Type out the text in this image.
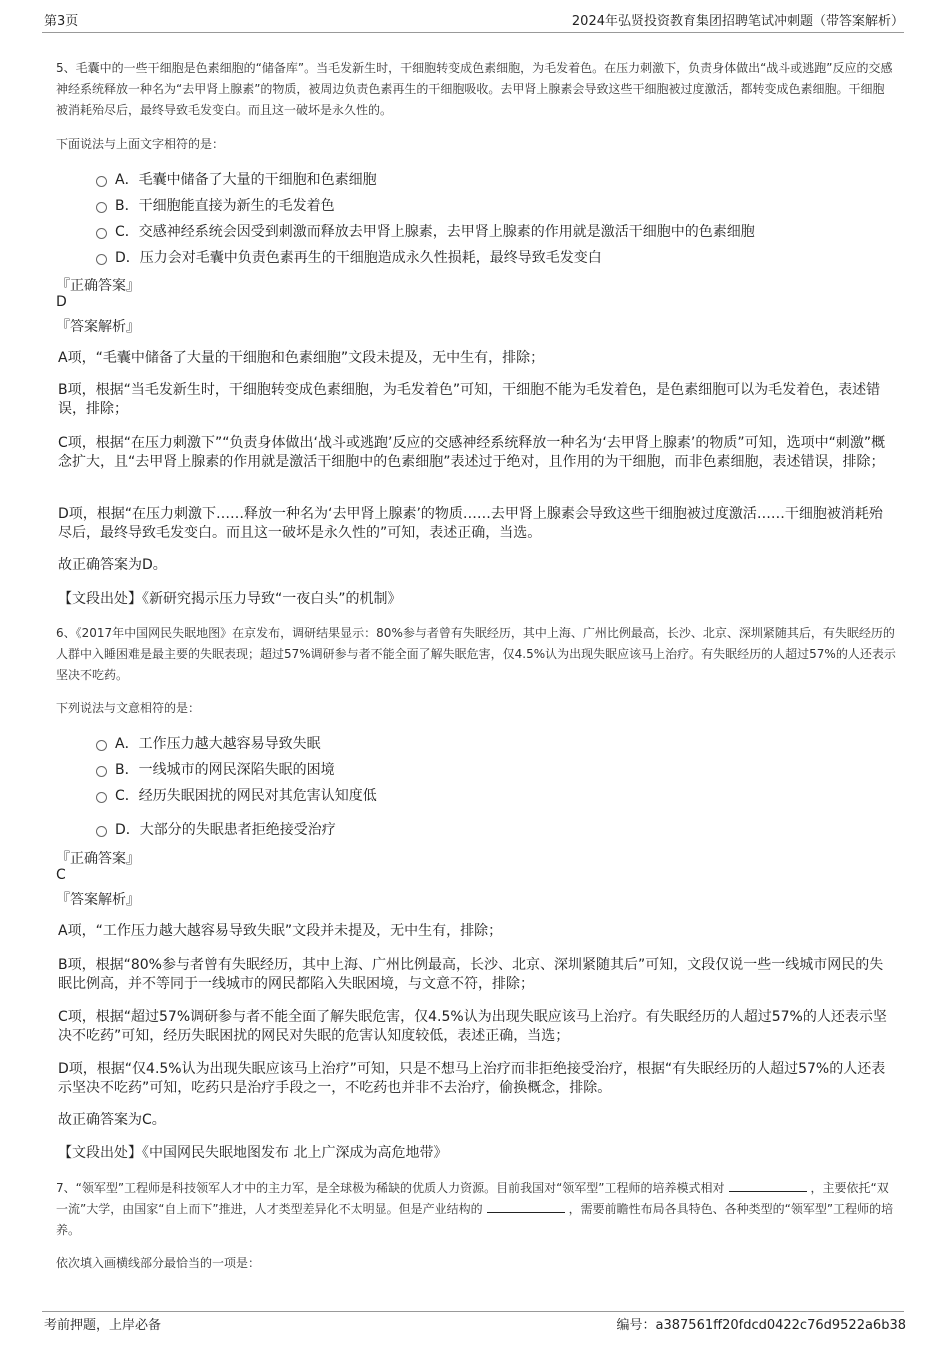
第3页	2024年弘贤投资教育集团招聘笔试冲刺题（带答案解析）
5、毛囊中的一些干细胞是色素细胞的“储备库”。当毛发新生时，干细胞转变成色素细胞，为毛发着色。在压力刺激下，负责身体做出“战斗或逃跑”反应的交感神经系统释放一种名为“去甲肾上腺素”的物质，被周边负责色素再生的干细胞吸收。去甲肾上腺素会导致这些干细胞被过度激活，都转变成色素细胞。干细胞被消耗殆尽后，最终导致毛发变白。而且这一破坏是永久性的。
下面说法与上面文字相符的是：
A．毛囊中储备了大量的干细胞和色素细胞
B．干细胞能直接为新生的毛发着色
C．交感神经系统会因受到刺激而释放去甲肾上腺素，去甲肾上腺素的作用就是激活干细胞中的色素细胞
D．压力会对毛囊中负责色素再生的干细胞造成永久性损耗，最终导致毛发变白
『正确答案』
D
『答案解析』
A项，“毛囊中储备了大量的干细胞和色素细胞”文段未提及，无中生有，排除；
B项，根据“当毛发新生时，干细胞转变成色素细胞，为毛发着色”可知，干细胞不能为毛发着色，是色素细胞可以为毛发着色，表述错误，排除；
C项，根据“在压力刺激下”“负责身体做出‘战斗或逃跑’反应的交感神经系统释放一种名为‘去甲肾上腺素’的物质”可知，选项中“刺激”概念扩大，且“去甲肾上腺素的作用就是激活干细胞中的色素细胞”表述过于绝对，且作用的为干细胞，而非色素细胞，表述错误，排除；
D项，根据“在压力刺激下……释放一种名为‘去甲肾上腺素’的物质……去甲肾上腺素会导致这些干细胞被过度激活……干细胞被消耗殆尽后，最终导致毛发变白。而且这一破坏是永久性的”可知，表述正确，当选。
故正确答案为D。
【文段出处】《新研究揭示压力导致“一夜白头”的机制》
6、《2017年中国网民失眠地图》在京发布，调研结果显示：80%参与者曾有失眠经历，其中上海、广州比例最高，长沙、北京、深圳紧随其后，有失眠经历的人群中入睡困难是最主要的失眠表现；超过57%调研参与者不能全面了解失眠危害，仅4.5%认为出现失眠应该马上治疗。有失眠经历的人超过57%的人还表示坚决不吃药。
下列说法与文意相符的是：
A．工作压力越大越容易导致失眠
B．一线城市的网民深陷失眠的困境
C．经历失眠困扰的网民对其危害认知度低
D．大部分的失眠患者拒绝接受治疗
『正确答案』
C
『答案解析』
A项，“工作压力越大越容易导致失眠”文段并未提及，无中生有，排除；
B项，根据“80%参与者曾有失眠经历，其中上海、广州比例最高，长沙、北京、深圳紧随其后”可知，文段仅说一些一线城市网民的失眠比例高，并不等同于一线城市的网民都陷入失眠困境，与文意不符，排除；
C项，根据“超过57%调研参与者不能全面了解失眠危害，仅4.5%认为出现失眠应该马上治疗。有失眠经历的人超过57%的人还表示坚决不吃药”可知，经历失眠困扰的网民对失眠的危害认知度较低，表述正确，当选；
D项，根据“仅4.5%认为出现失眠应该马上治疗”可知，只是不想马上治疗而非拒绝接受治疗，根据“有失眠经历的人超过57%的人还表示坚决不吃药”可知，吃药只是治疗手段之一，不吃药也并非不去治疗，偷换概念，排除。
故正确答案为C。
【文段出处】《中国网民失眠地图发布 北上广深成为高危地带》
7、“领军型”工程师是科技领军人才中的主力军，是全球极为稀缺的优质人力资源。目前我国对“领军型”工程师的培养模式相对	，主要依托“双一流”大学，由国家“自上而下”推进，人才类型差异化不太明显。但是产业结构的	，需要前瞻性布局各具特色、各种类型的“领军型”工程师的培养。
依次填入画横线部分最恰当的一项是：
考前押题，上岸必备	编号：a387561ff20fdcd0422c76d9522a6b38
